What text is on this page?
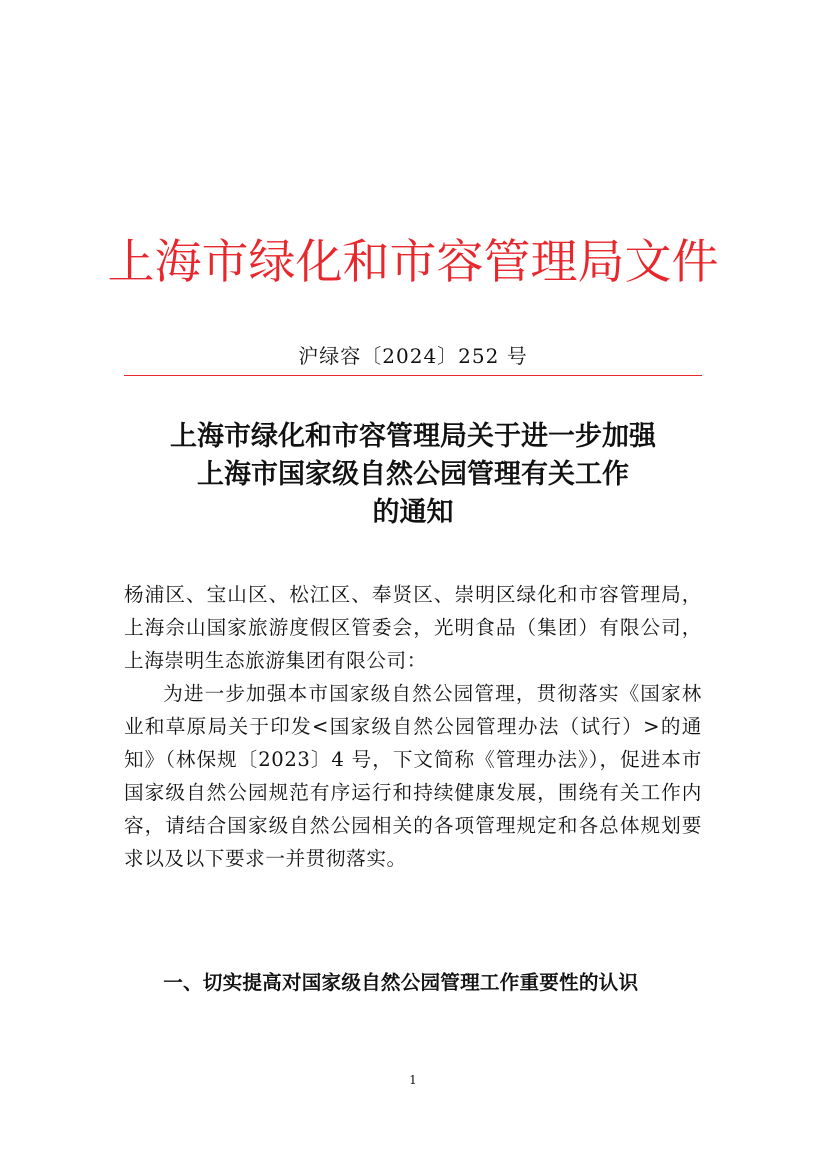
上海市绿化和市容管理局文件
沪绿容〔2024〕252 号
上海市绿化和市容管理局关于进一步加强
上海市国家级自然公园管理有关工作
的通知

杨浦区、宝山区、松江区、奉贤区、崇明区绿化和市容管理局，上海佘山国家旅游度假区管委会，光明食品（集团）有限公司，上海崇明生态旅游集团有限公司：

为进一步加强本市国家级自然公园管理，贯彻落实《国家林业和草原局关于印发<国家级自然公园管理办法（试行）>的通知》（林保规〔2023〕4 号，下文简称《管理办法》），促进本市国家级自然公园规范有序运行和持续健康发展，围绕有关工作内容，请结合国家级自然公园相关的各项管理规定和各总体规划要求以及以下要求一并贯彻落实。

一、切实提高对国家级自然公园管理工作重要性的认识
1
